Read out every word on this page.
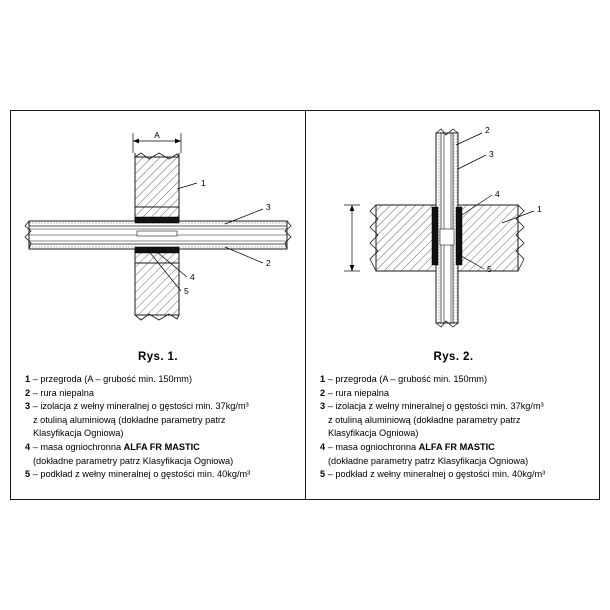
A
1
2
3
4
5
Rys. 1.
1 – przegroda (A – grubość min. 150mm)
2 – rura niepalna
3 – izolacja z wełny mineralnej o gęstości min. 37kg/m³
z otuliną aluminiową (dokładne parametry patrz
Klasyfikacja Ogniowa)
4 – masa ogniochronna ALFA FR MASTIC
(dokładne parametry patrz Klasyfikacja Ogniowa)
5 – podkład z wełny mineralnej o gęstości min. 40kg/m³
2
3
4
1
5
Rys. 2.
1 – przegroda (A – grubość min. 150mm)
2 – rura niepalna
3 – izolacja z wełny mineralnej o gęstości min. 37kg/m³
z otuliną aluminiową (dokładne parametry patrz
Klasyfikacja Ogniowa)
4 – masa ogniochronna ALFA FR MASTIC
(dokładne parametry patrz Klasyfikacja Ogniowa)
5 – podkład z wełny mineralnej o gęstości min. 40kg/m³
